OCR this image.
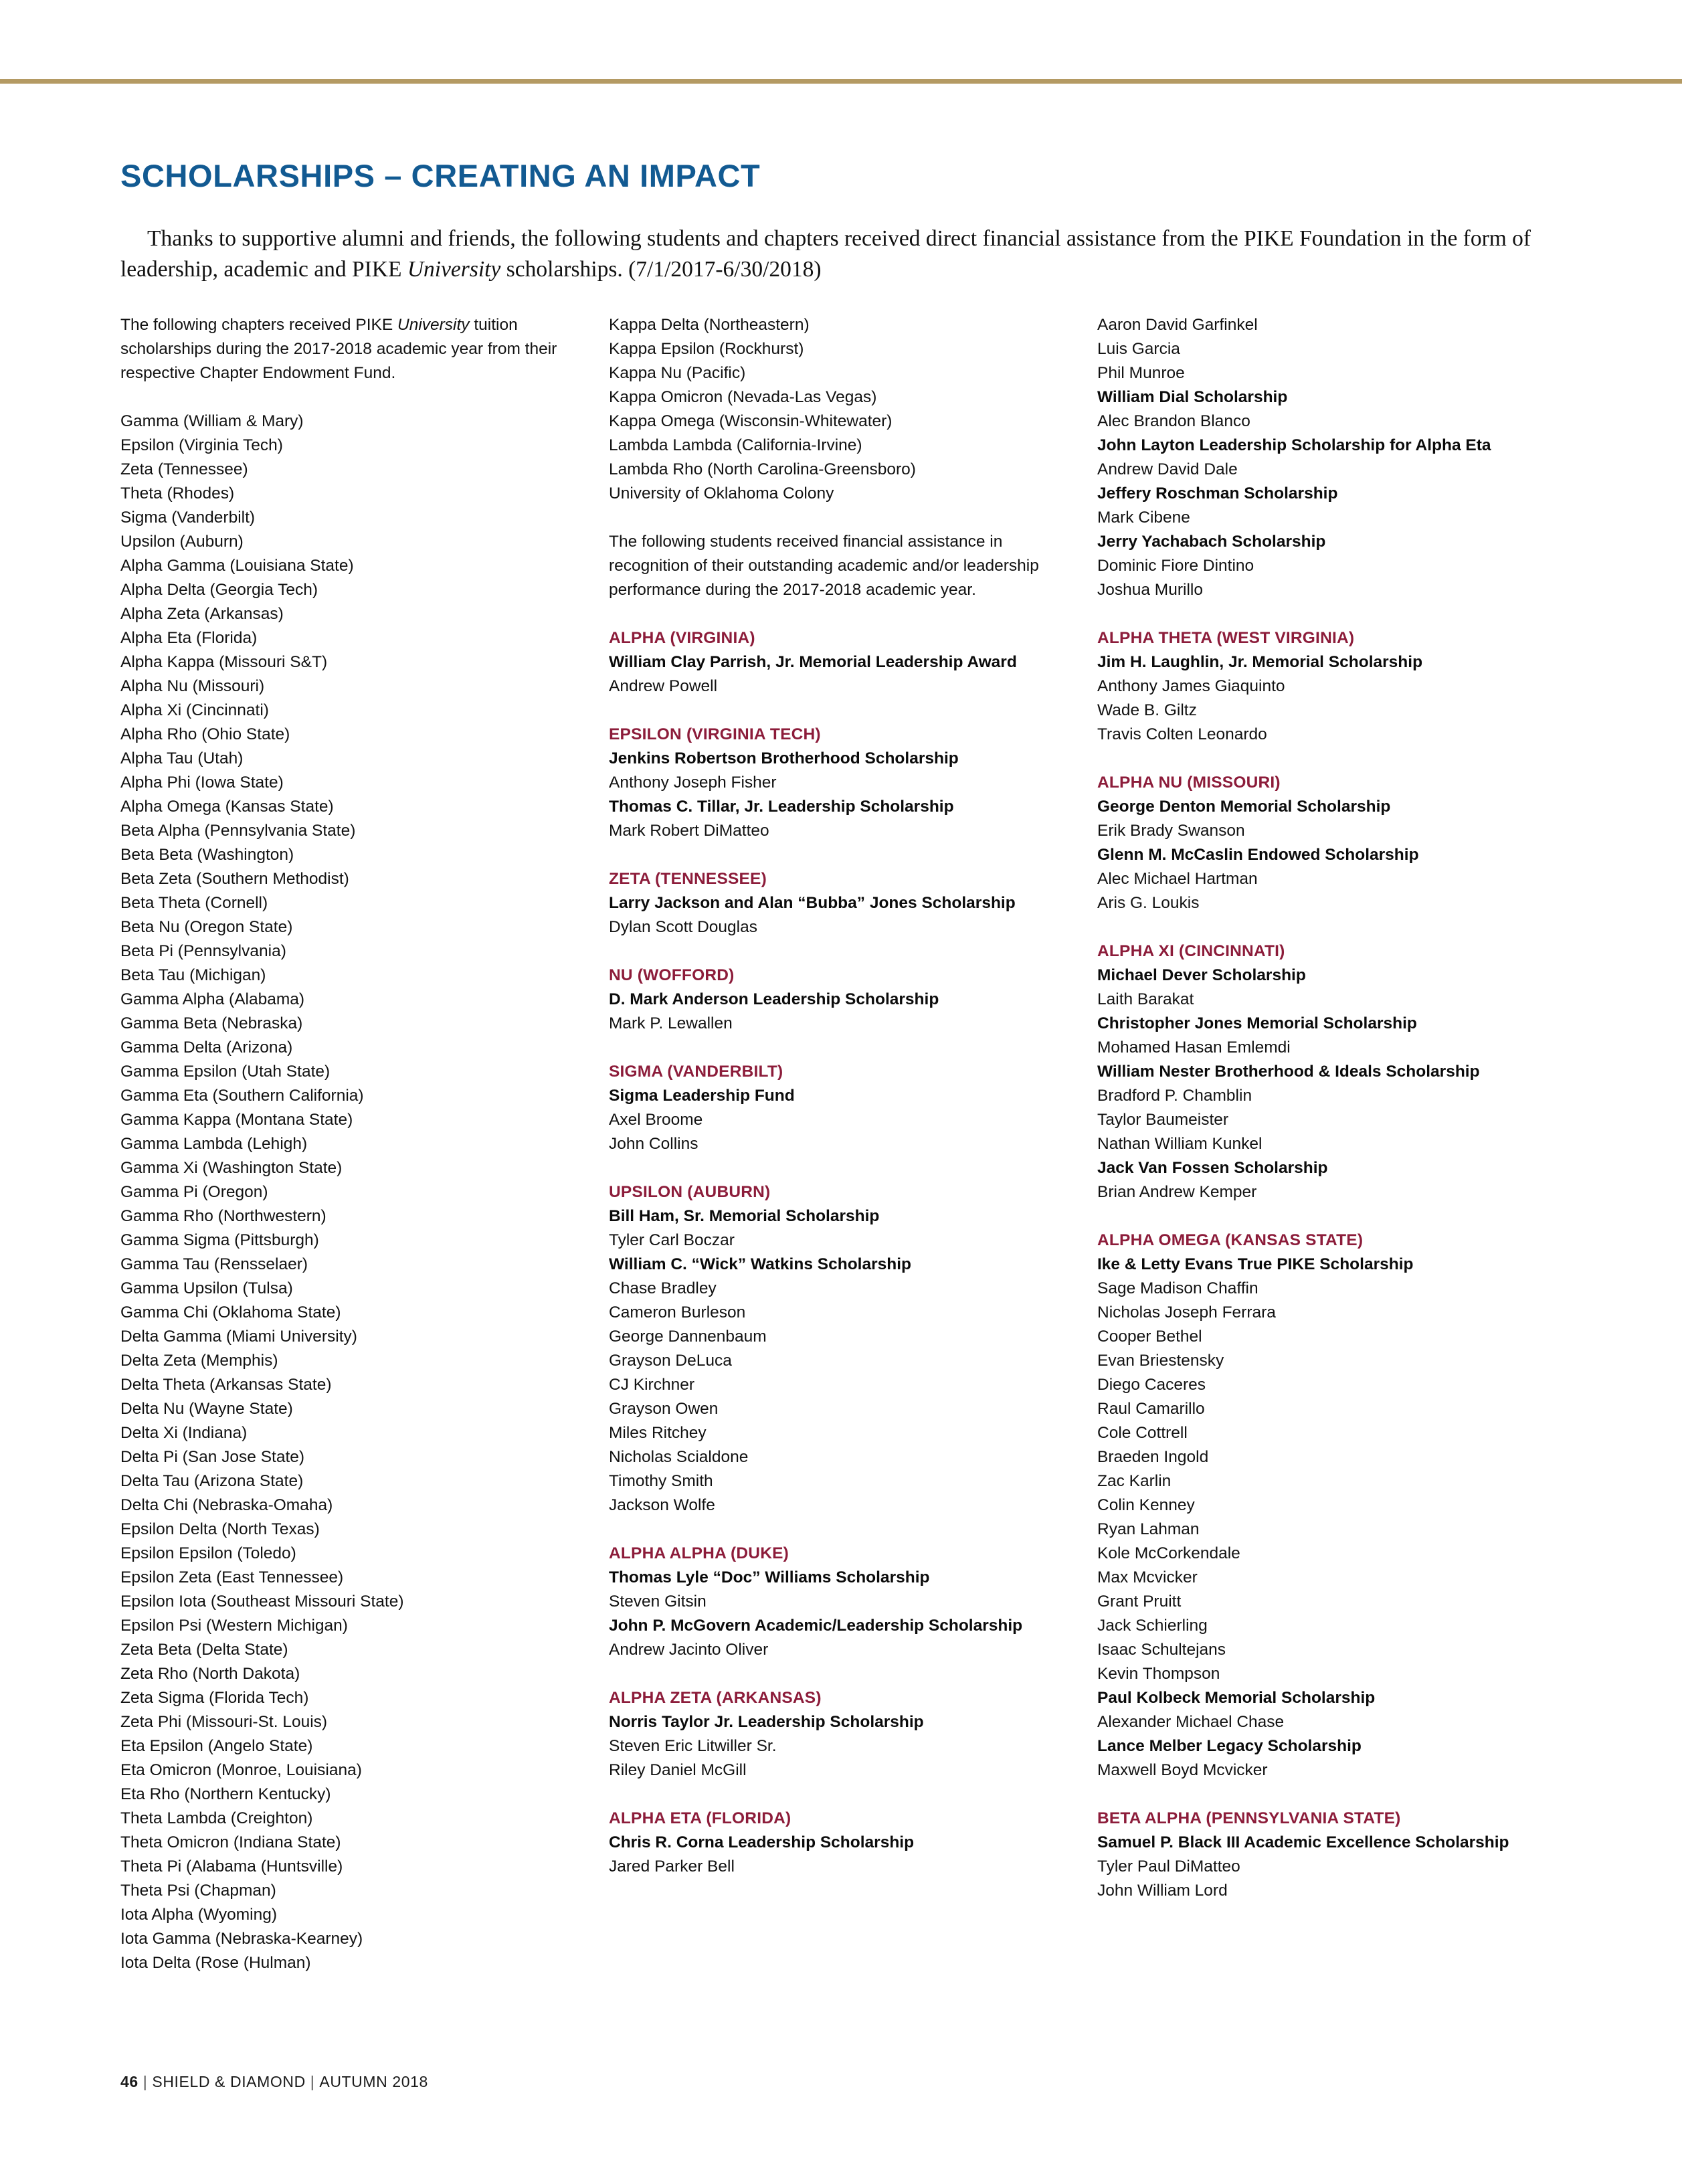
SCHOLARSHIPS – CREATING AN IMPACT

Thanks to supportive alumni and friends, the following students and chapters received direct financial assistance from the PIKE Foundation in the form of leadership, academic and PIKE University scholarships. (7/1/2017-6/30/2018)

The following chapters received PIKE University tuition scholarships during the 2017-2018 academic year from their respective Chapter Endowment Fund.

Gamma (William & Mary)
Epsilon (Virginia Tech)
Zeta (Tennessee)
Theta (Rhodes)
Sigma (Vanderbilt)
Upsilon (Auburn)
Alpha Gamma (Louisiana State)
Alpha Delta (Georgia Tech)
Alpha Zeta (Arkansas)
Alpha Eta (Florida)
Alpha Kappa (Missouri S&T)
Alpha Nu (Missouri)
Alpha Xi (Cincinnati)
Alpha Rho (Ohio State)
Alpha Tau (Utah)
Alpha Phi (Iowa State)
Alpha Omega (Kansas State)
Beta Alpha (Pennsylvania State)
Beta Beta (Washington)
Beta Zeta (Southern Methodist)
Beta Theta (Cornell)
Beta Nu (Oregon State)
Beta Pi (Pennsylvania)
Beta Tau (Michigan)
Gamma Alpha (Alabama)
Gamma Beta (Nebraska)
Gamma Delta (Arizona)
Gamma Epsilon (Utah State)
Gamma Eta (Southern California)
Gamma Kappa (Montana State)
Gamma Lambda (Lehigh)
Gamma Xi (Washington State)
Gamma Pi (Oregon)
Gamma Rho (Northwestern)
Gamma Sigma (Pittsburgh)
Gamma Tau (Rensselaer)
Gamma Upsilon (Tulsa)
Gamma Chi (Oklahoma State)
Delta Gamma (Miami University)
Delta Zeta (Memphis)
Delta Theta (Arkansas State)
Delta Nu (Wayne State)
Delta Xi (Indiana)
Delta Pi (San Jose State)
Delta Tau (Arizona State)
Delta Chi (Nebraska-Omaha)
Epsilon Delta (North Texas)
Epsilon Epsilon (Toledo)
Epsilon Zeta (East Tennessee)
Epsilon Iota (Southeast Missouri State)
Epsilon Psi (Western Michigan)
Zeta Beta (Delta State)
Zeta Rho (North Dakota)
Zeta Sigma (Florida Tech)
Zeta Phi (Missouri-St. Louis)
Eta Epsilon (Angelo State)
Eta Omicron (Monroe, Louisiana)
Eta Rho (Northern Kentucky)
Theta Lambda (Creighton)
Theta Omicron (Indiana State)
Theta Pi (Alabama (Huntsville)
Theta Psi (Chapman)
Iota Alpha (Wyoming)
Iota Gamma (Nebraska-Kearney)
Iota Delta (Rose (Hulman)
Kappa Delta (Northeastern)
Kappa Epsilon (Rockhurst)
Kappa Nu (Pacific)
Kappa Omicron (Nevada-Las Vegas)
Kappa Omega (Wisconsin-Whitewater)
Lambda Lambda (California-Irvine)
Lambda Rho (North Carolina-Greensboro)
University of Oklahoma Colony

The following students received financial assistance in recognition of their outstanding academic and/or leadership performance during the 2017-2018 academic year.

ALPHA (VIRGINIA)
William Clay Parrish, Jr. Memorial Leadership Award
Andrew Powell
EPSILON (VIRGINIA TECH)
Jenkins Robertson Brotherhood Scholarship
Anthony Joseph Fisher
Thomas C. Tillar, Jr. Leadership Scholarship
Mark Robert DiMatteo
ZETA (TENNESSEE)
Larry Jackson and Alan “Bubba” Jones Scholarship
Dylan Scott Douglas
NU (WOFFORD)
D. Mark Anderson Leadership Scholarship
Mark P. Lewallen
SIGMA (VANDERBILT)
Sigma Leadership Fund
Axel Broome
John Collins
UPSILON (AUBURN)
Bill Ham, Sr. Memorial Scholarship
Tyler Carl Boczar
William C. “Wick” Watkins Scholarship
Chase Bradley
Cameron Burleson
George Dannenbaum
Grayson DeLuca
CJ Kirchner
Grayson Owen
Miles Ritchey
Nicholas Scialdone
Timothy Smith
Jackson Wolfe
ALPHA ALPHA (DUKE)
Thomas Lyle “Doc” Williams Scholarship
Steven Gitsin
John P. McGovern Academic/Leadership Scholarship
Andrew Jacinto Oliver
ALPHA ZETA (ARKANSAS)
Norris Taylor Jr. Leadership Scholarship
Steven Eric Litwiller Sr.
Riley Daniel McGill
ALPHA ETA (FLORIDA)
Chris R. Corna Leadership Scholarship
Jared Parker Bell
Aaron David Garfinkel
Luis Garcia
Phil Munroe
William Dial Scholarship
Alec Brandon Blanco
John Layton Leadership Scholarship for Alpha Eta
Andrew David Dale
Jeffery Roschman Scholarship
Mark Cibene
Jerry Yachabach Scholarship
Dominic Fiore Dintino
Joshua Murillo
ALPHA THETA (WEST VIRGINIA)
Jim H. Laughlin, Jr. Memorial Scholarship
Anthony James Giaquinto
Wade B. Giltz
Travis Colten Leonardo
ALPHA NU (MISSOURI)
George Denton Memorial Scholarship
Erik Brady Swanson
Glenn M. McCaslin Endowed Scholarship
Alec Michael Hartman
Aris G. Loukis
ALPHA XI (CINCINNATI)
Michael Dever Scholarship
Laith Barakat
Christopher Jones Memorial Scholarship
Mohamed Hasan Emlemdi
William Nester Brotherhood & Ideals Scholarship
Bradford P. Chamblin
Taylor Baumeister
Nathan William Kunkel
Jack Van Fossen Scholarship
Brian Andrew Kemper
ALPHA OMEGA (KANSAS STATE)
Ike & Letty Evans True PIKE Scholarship
Sage Madison Chaffin
Nicholas Joseph Ferrara
Cooper Bethel
Evan Briestensky
Diego Caceres
Raul Camarillo
Cole Cottrell
Braeden Ingold
Zac Karlin
Colin Kenney
Ryan Lahman
Kole McCorkendale
Max Mcvicker
Grant Pruitt
Jack Schierling
Isaac Schultejans
Kevin Thompson
Paul Kolbeck Memorial Scholarship
Alexander Michael Chase
Lance Melber Legacy Scholarship
Maxwell Boyd Mcvicker
BETA ALPHA (PENNSYLVANIA STATE)
Samuel P. Black III Academic Excellence Scholarship
Tyler Paul DiMatteo
John William Lord
46 | SHIELD & DIAMOND | AUTUMN 2018
